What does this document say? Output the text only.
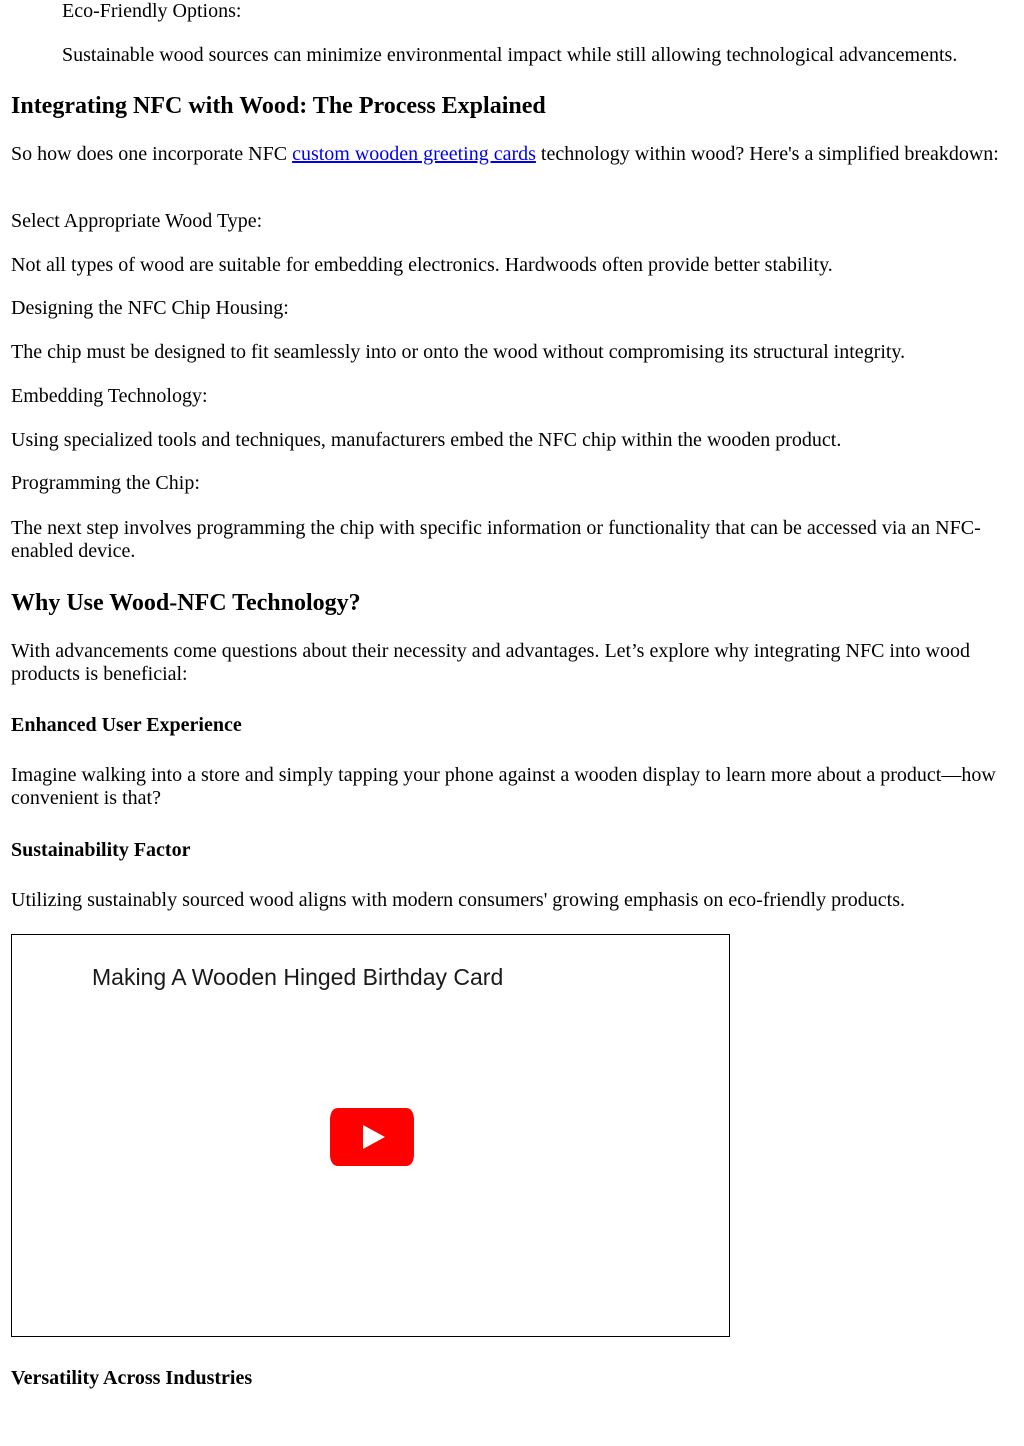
Eco-Friendly Options:

Sustainable wood sources can minimize environmental impact while still allowing technological advancements.

Integrating NFC with Wood: The Process Explained

So how does one incorporate NFC custom wooden greeting cards technology within wood? Here's a simplified breakdown:

Select Appropriate Wood Type:

Not all types of wood are suitable for embedding electronics. Hardwoods often provide better stability.

Designing the NFC Chip Housing:

The chip must be designed to fit seamlessly into or onto the wood without compromising its structural integrity.

Embedding Technology:

Using specialized tools and techniques, manufacturers embed the NFC chip within the wooden product.

Programming the Chip:

The next step involves programming the chip with specific information or functionality that can be accessed via an NFC-enabled device.

Why Use Wood-NFC Technology?

With advancements come questions about their necessity and advantages. Let’s explore why integrating NFC into wood products is beneficial:

Enhanced User Experience

Imagine walking into a store and simply tapping your phone against a wooden display to learn more about a product—how convenient is that?

Sustainability Factor

Utilizing sustainably sourced wood aligns with modern consumers' growing emphasis on eco-friendly products.

Making A Wooden Hinged Birthday Card
Versatility Across Industries
